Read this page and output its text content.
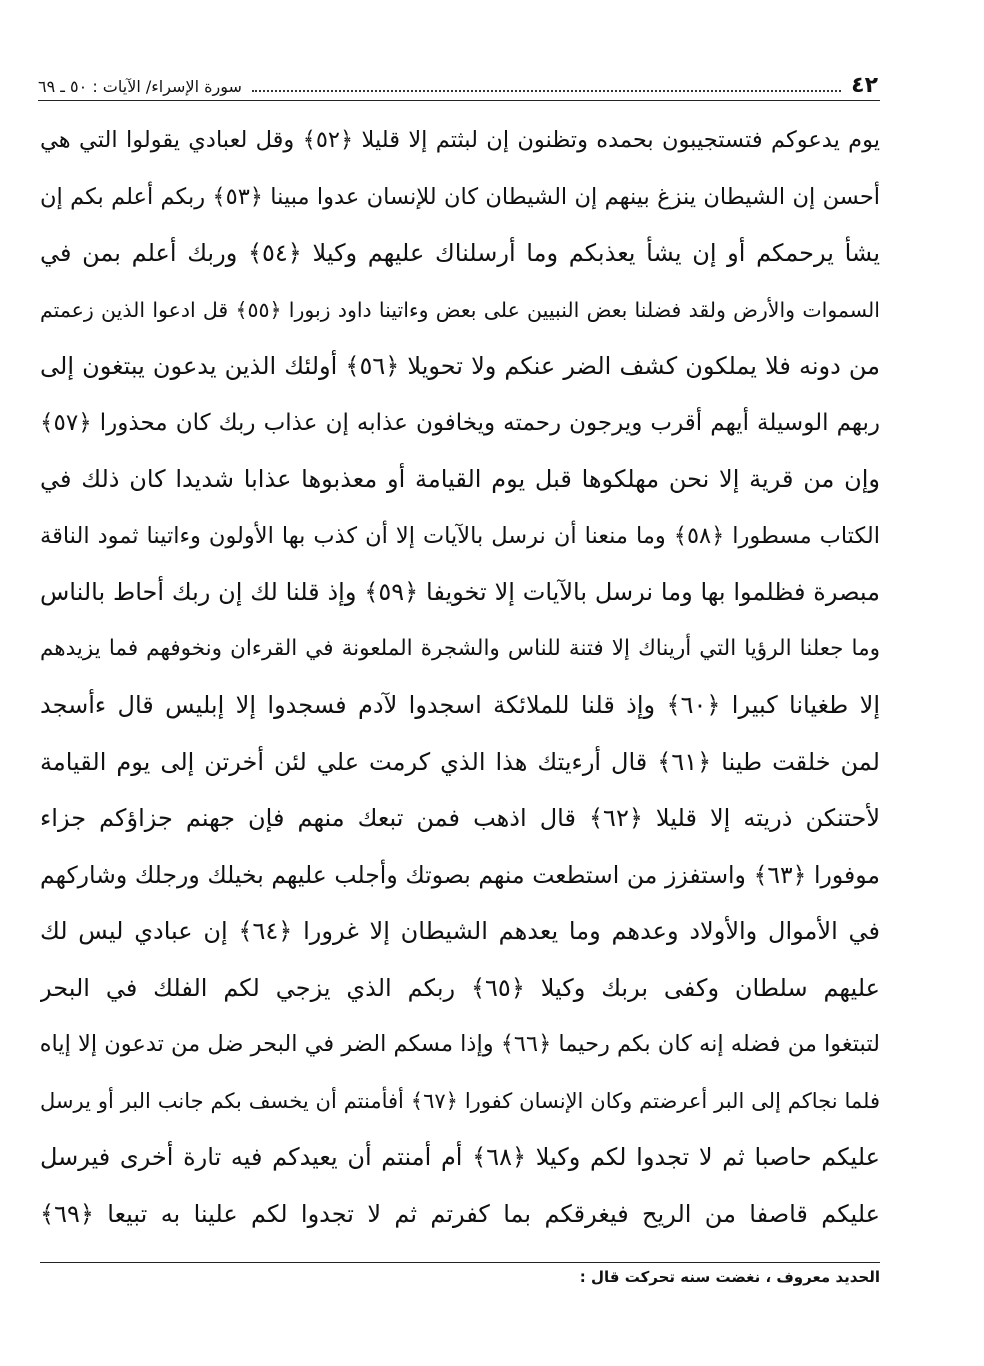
٤٢
سورة الإسراء/ الآيات : ٥٠ ـ ٦٩
يوم يدعوكم فتستجيبون بحمده وتظنون إن لبثتم إلا قليلا ﴿٥٢﴾ وقل لعبادي يقولوا التي هي
أحسن إن الشيطان ينزغ بينهم إن الشيطان كان للإنسان عدوا مبينا ﴿٥٣﴾ ربكم أعلم بكم إن
يشأ يرحمكم أو إن يشأ يعذبكم وما أرسلناك عليهم وكيلا ﴿٥٤﴾ وربك أعلم بمن في
السموات والأرض ولقد فضلنا بعض النبيين على بعض وءاتينا داود زبورا ﴿٥٥﴾ قل ادعوا الذين زعمتم
من دونه فلا يملكون كشف الضر عنكم ولا تحويلا ﴿٥٦﴾ أولئك الذين يدعون يبتغون إلى
ربهم الوسيلة أيهم أقرب ويرجون رحمته ويخافون عذابه إن عذاب ربك كان محذورا ﴿٥٧﴾
وإن من قرية إلا نحن مهلكوها قبل يوم القيامة أو معذبوها عذابا شديدا كان ذلك في
الكتاب مسطورا ﴿٥٨﴾ وما منعنا أن نرسل بالآيات إلا أن كذب بها الأولون وءاتينا ثمود الناقة
مبصرة فظلموا بها وما نرسل بالآيات إلا تخويفا ﴿٥٩﴾ وإذ قلنا لك إن ربك أحاط بالناس
وما جعلنا الرؤيا التي أريناك إلا فتنة للناس والشجرة الملعونة في القرءان ونخوفهم فما يزيدهم
إلا طغيانا كبيرا ﴿٦٠﴾ وإذ قلنا للملائكة اسجدوا لآدم فسجدوا إلا إبليس قال ءأسجد
لمن خلقت طينا ﴿٦١﴾ قال أرءيتك هذا الذي كرمت علي لئن أخرتن إلى يوم القيامة
لأحتنكن ذريته إلا قليلا ﴿٦٢﴾ قال اذهب فمن تبعك منهم فإن جهنم جزاؤكم جزاء
موفورا ﴿٦٣﴾ واستفزز من استطعت منهم بصوتك وأجلب عليهم بخيلك ورجلك وشاركهم
في الأموال والأولاد وعدهم وما يعدهم الشيطان إلا غرورا ﴿٦٤﴾ إن عبادي ليس لك
عليهم سلطان وكفى بربك وكيلا ﴿٦٥﴾ ربكم الذي يزجي لكم الفلك في البحر
لتبتغوا من فضله إنه كان بكم رحيما ﴿٦٦﴾ وإذا مسكم الضر في البحر ضل من تدعون إلا إياه
فلما نجاكم إلى البر أعرضتم وكان الإنسان كفورا ﴿٦٧﴾ أفأمنتم أن يخسف بكم جانب البر أو يرسل
عليكم حاصبا ثم لا تجدوا لكم وكيلا ﴿٦٨﴾ أم أمنتم أن يعيدكم فيه تارة أخرى فيرسل
عليكم قاصفا من الريح فيغرقكم بما كفرتم ثم لا تجدوا لكم علينا به تبيعا ﴿٦٩﴾
الحديد معروف ، نغضت سنه تحركت قال :
